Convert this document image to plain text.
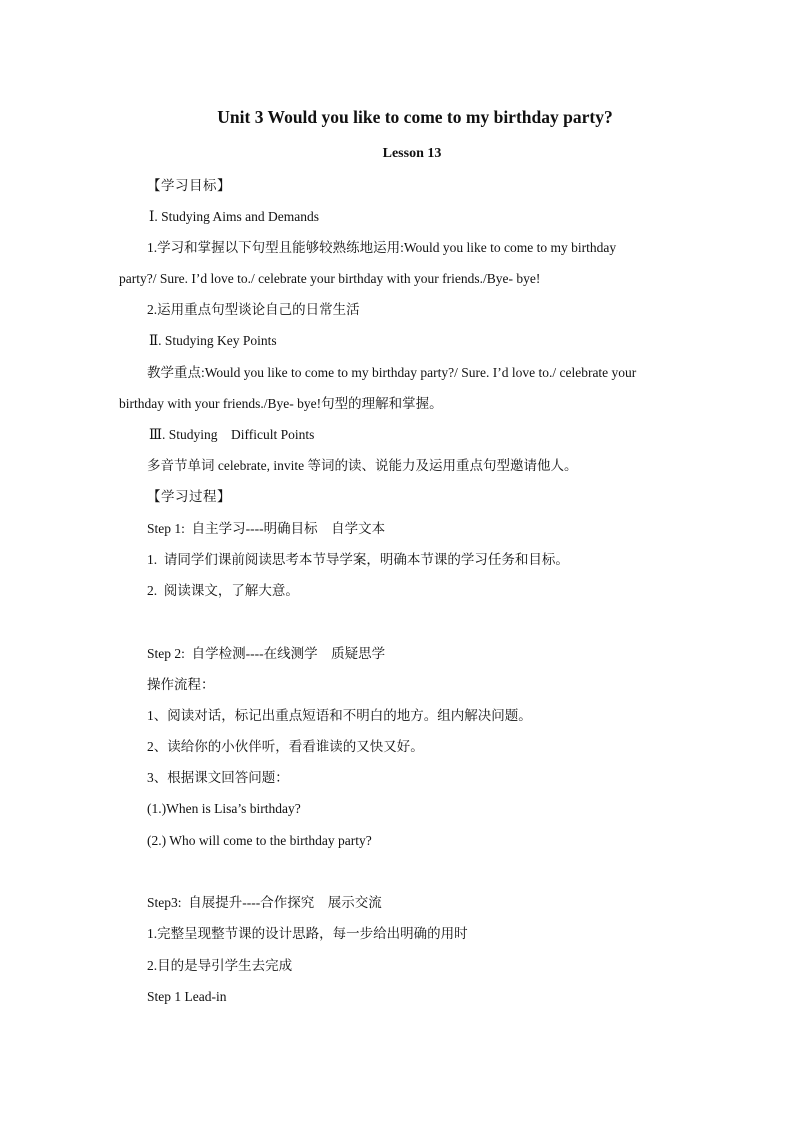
Unit 3 Would you like to come to my birthday party?
Lesson 13
【学习目标】
Ⅰ. Studying Aims and Demands
1.学习和掌握以下句型且能够较熟练地运用:Would you like to come to my birthday
party?/ Sure. I’d love to./ celebrate your birthday with your friends./Bye- bye!
2.运用重点句型谈论自己的日常生活
Ⅱ. Studying Key Points
教学重点:Would you like to come to my birthday party?/ Sure. I’d love to./ celebrate your
birthday with your friends./Bye- bye!句型的理解和掌握。
Ⅲ. Studying    Difficult Points
多音节单词 celebrate, invite 等词的读、说能力及运用重点句型邀请他人。
【学习过程】
Step 1:  自主学习----明确目标    自学文本
1.  请同学们课前阅读思考本节导学案，明确本节课的学习任务和目标。
2.  阅读课文，了解大意。
Step 2:  自学检测----在线测学    质疑思学
操作流程：
1、阅读对话，标记出重点短语和不明白的地方。组内解决问题。
2、读给你的小伙伴听，看看谁读的又快又好。
3、根据课文回答问题：
(1.)When is Lisa’s birthday?
(2.) Who will come to the birthday party?
Step3:  自展提升----合作探究    展示交流
1.完整呈现整节课的设计思路，每一步给出明确的用时
2.目的是导引学生去完成
Step 1 Lead-in
